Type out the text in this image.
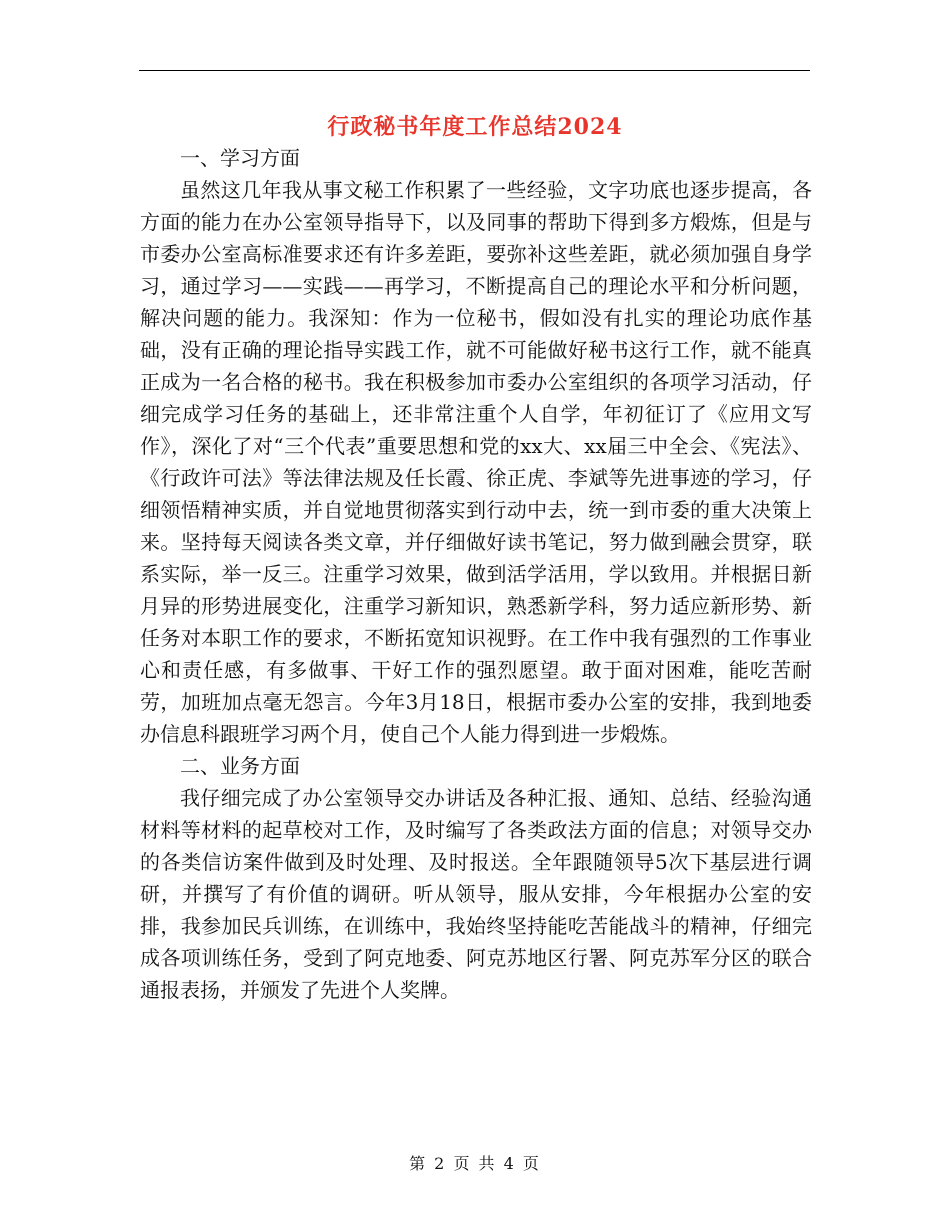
行政秘书年度工作总结2024

一、学习方面

虽然这几年我从事文秘工作积累了一些经验，文字功底也逐步提高，各方面的能力在办公室领导指导下，以及同事的帮助下得到多方煅炼，但是与市委办公室高标准要求还有许多差距，要弥补这些差距，就必须加强自身学习，通过学习——实践——再学习，不断提高自己的理论水平和分析问题，解决问题的能力。我深知：作为一位秘书，假如没有扎实的理论功底作基础，没有正确的理论指导实践工作，就不可能做好秘书这行工作，就不能真正成为一名合格的秘书。我在积极参加市委办公室组织的各项学习活动，仔细完成学习任务的基础上，还非常注重个人自学，年初征订了《应用文写作》，深化了对“三个代表”重要思想和党的xx大、xx届三中全会、《宪法》、《行政许可法》等法律法规及任长霞、徐正虎、李斌等先进事迹的学习，仔细领悟精神实质，并自觉地贯彻落实到行动中去，统一到市委的重大决策上来。坚持每天阅读各类文章，并仔细做好读书笔记，努力做到融会贯穿，联系实际，举一反三。注重学习效果，做到活学活用，学以致用。并根据日新月异的形势进展变化，注重学习新知识，熟悉新学科，努力适应新形势、新任务对本职工作的要求，不断拓宽知识视野。在工作中我有强烈的工作事业心和责任感，有多做事、干好工作的强烈愿望。敢于面对困难，能吃苦耐劳，加班加点毫无怨言。今年3月18日，根据市委办公室的安排，我到地委办信息科跟班学习两个月，使自己个人能力得到进一步煅炼。

二、业务方面

我仔细完成了办公室领导交办讲话及各种汇报、通知、总结、经验沟通材料等材料的起草校对工作，及时编写了各类政法方面的信息；对领导交办的各类信访案件做到及时处理、及时报送。全年跟随领导5次下基层进行调研，并撰写了有价值的调研。听从领导，服从安排，今年根据办公室的安排，我参加民兵训练，在训练中，我始终坚持能吃苦能战斗的精神，仔细完成各项训练任务，受到了阿克地委、阿克苏地区行署、阿克苏军分区的联合通报表扬，并颁发了先进个人奖牌。

第 2 页 共 4 页
